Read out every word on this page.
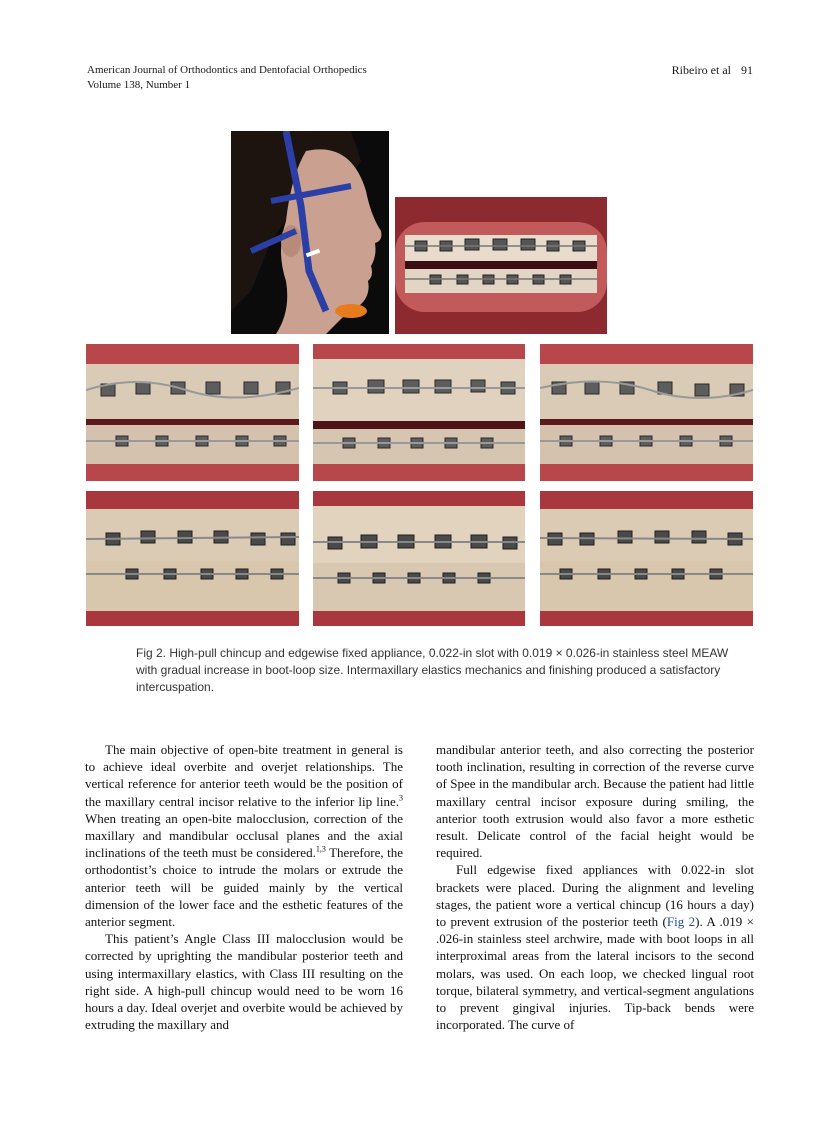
American Journal of Orthodontics and Dentofacial Orthopedics
Volume 138, Number 1
Ribeiro et al 91
Fig 2. High-pull chincup and edgewise fixed appliance, 0.022-in slot with 0.019 × 0.026-in stainless steel MEAW with gradual increase in boot-loop size. Intermaxillary elastics mechanics and finishing produced a satisfactory intercuspation.

The main objective of open-bite treatment in general is to achieve ideal overbite and overjet relationships. The vertical reference for anterior teeth would be the position of the maxillary central incisor relative to the inferior lip line.$^3$ When treating an open-bite malocclusion, correction of the maxillary and mandibular occlusal planes and the axial inclinations of the teeth must be considered.$^{1,3}$ Therefore, the orthodontist’s choice to intrude the molars or extrude the anterior teeth will be guided mainly by the vertical dimension of the lower face and the esthetic features of the anterior segment.

This patient’s Angle Class III malocclusion would be corrected by uprighting the mandibular posterior teeth and using intermaxillary elastics, with Class III resulting on the right side. A high-pull chincup would need to be worn 16 hours a day. Ideal overjet and overbite would be achieved by extruding the maxillary and

mandibular anterior teeth, and also correcting the posterior tooth inclination, resulting in correction of the reverse curve of Spee in the mandibular arch. Because the patient had little maxillary central incisor exposure during smiling, the anterior tooth extrusion would also favor a more esthetic result. Delicate control of the facial height would be required.

Full edgewise fixed appliances with 0.022-in slot brackets were placed. During the alignment and leveling stages, the patient wore a vertical chincup (16 hours a day) to prevent extrusion of the posterior teeth (Fig 2). A .019 × .026-in stainless steel archwire, made with boot loops in all interproximal areas from the lateral incisors to the second molars, was used. On each loop, we checked lingual root torque, bilateral symmetry, and vertical-segment angulations to prevent gingival injuries. Tip-back bends were incorporated. The curve of
